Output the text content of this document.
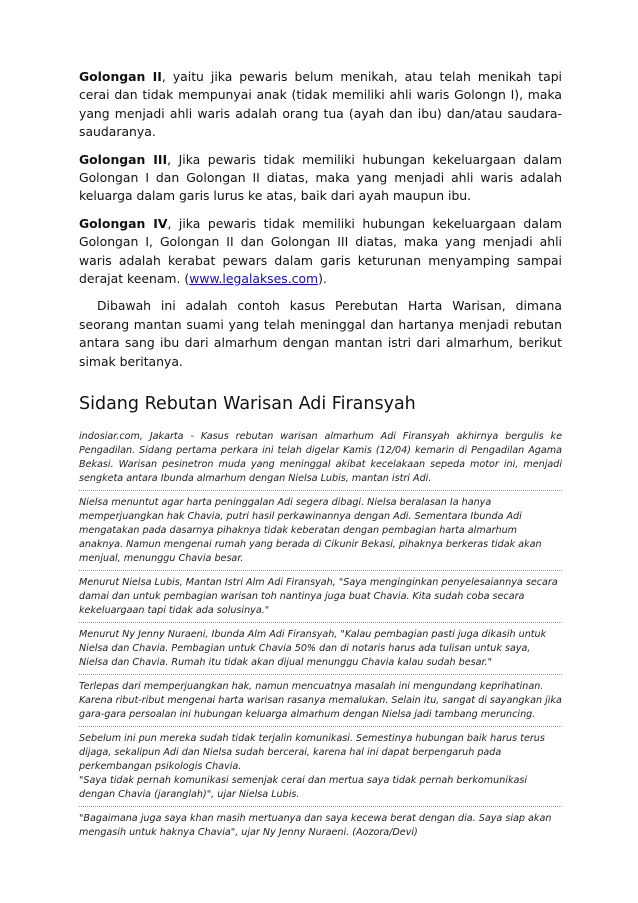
Golongan II, yaitu jika pewaris belum menikah, atau telah menikah tapi cerai dan tidak mempunyai anak (tidak memiliki ahli waris Golongn I), maka yang menjadi ahli waris adalah orang tua (ayah dan ibu) dan/atau saudara-saudaranya.

Golongan III, Jika pewaris tidak memiliki hubungan kekeluargaan dalam Golongan I dan Golongan II diatas, maka yang menjadi ahli waris adalah keluarga dalam garis lurus ke atas, baik dari ayah maupun ibu.

Golongan IV, jika pewaris tidak memiliki hubungan kekeluargaan dalam Golongan I, Golongan II dan Golongan III diatas, maka yang menjadi ahli waris adalah kerabat pewars dalam garis keturunan menyamping sampai derajat keenam. (www.legalakses.com).

Dibawah ini adalah contoh kasus Perebutan Harta Warisan, dimana seorang mantan suami yang telah meninggal dan hartanya menjadi rebutan antara sang ibu dari almarhum dengan mantan istri dari almarhum, berikut simak beritanya.

Sidang Rebutan Warisan Adi Firansyah

indosiar.com, Jakarta - Kasus rebutan warisan almarhum Adi Firansyah akhirnya bergulis ke Pengadilan. Sidang pertama perkara ini telah digelar Kamis (12/04) kemarin di Pengadilan Agama Bekasi. Warisan pesinetron muda yang meninggal akibat kecelakaan sepeda motor ini, menjadi sengketa antara Ibunda almarhum dengan Nielsa Lubis, mantan istri Adi.

Nielsa menuntut agar harta peninggalan Adi segera dibagi. Nielsa beralasan Ia hanya memperjuangkan hak Chavia, putri hasil perkawinannya dengan Adi. Sementara Ibunda Adi mengatakan pada dasarnya pihaknya tidak keberatan dengan pembagian harta almarhum anaknya. Namun mengenai rumah yang berada di Cikunir Bekasi, pihaknya berkeras tidak akan menjual, menunggu Chavia besar.

Menurut Nielsa Lubis, Mantan Istri Alm Adi Firansyah, "Saya menginginkan penyelesaiannya secara damai dan untuk pembagian warisan toh nantinya juga buat Chavia. Kita sudah coba secara kekeluargaan tapi tidak ada solusinya."

Menurut Ny Jenny Nuraeni, Ibunda Alm Adi Firansyah, "Kalau pembagian pasti juga dikasih untuk Nielsa dan Chavia. Pembagian untuk Chavia 50% dan di notaris harus ada tulisan untuk saya, Nielsa dan Chavia. Rumah itu tidak akan dijual menunggu Chavia kalau sudah besar."

Terlepas dari memperjuangkan hak, namun mencuatnya masalah ini mengundang keprihatinan. Karena ribut-ribut mengenai harta warisan rasanya memalukan. Selain itu, sangat di sayangkan jika gara-gara persoalan ini hubungan keluarga almarhum dengan Nielsa jadi tambang meruncing.

Sebelum ini pun mereka sudah tidak terjalin komunikasi. Semestinya hubungan baik harus terus dijaga, sekalipun Adi dan Nielsa sudah bercerai, karena hal ini dapat berpengaruh pada perkembangan psikologis Chavia.
"Saya tidak pernah komunikasi semenjak cerai dan mertua saya tidak pernah berkomunikasi dengan Chavia (jaranglah)", ujar Nielsa Lubis.

"Bagaimana juga saya khan masih mertuanya dan saya kecewa berat dengan dia. Saya siap akan mengasih untuk haknya Chavia", ujar Ny Jenny Nuraeni. (Aozora/Devi)
